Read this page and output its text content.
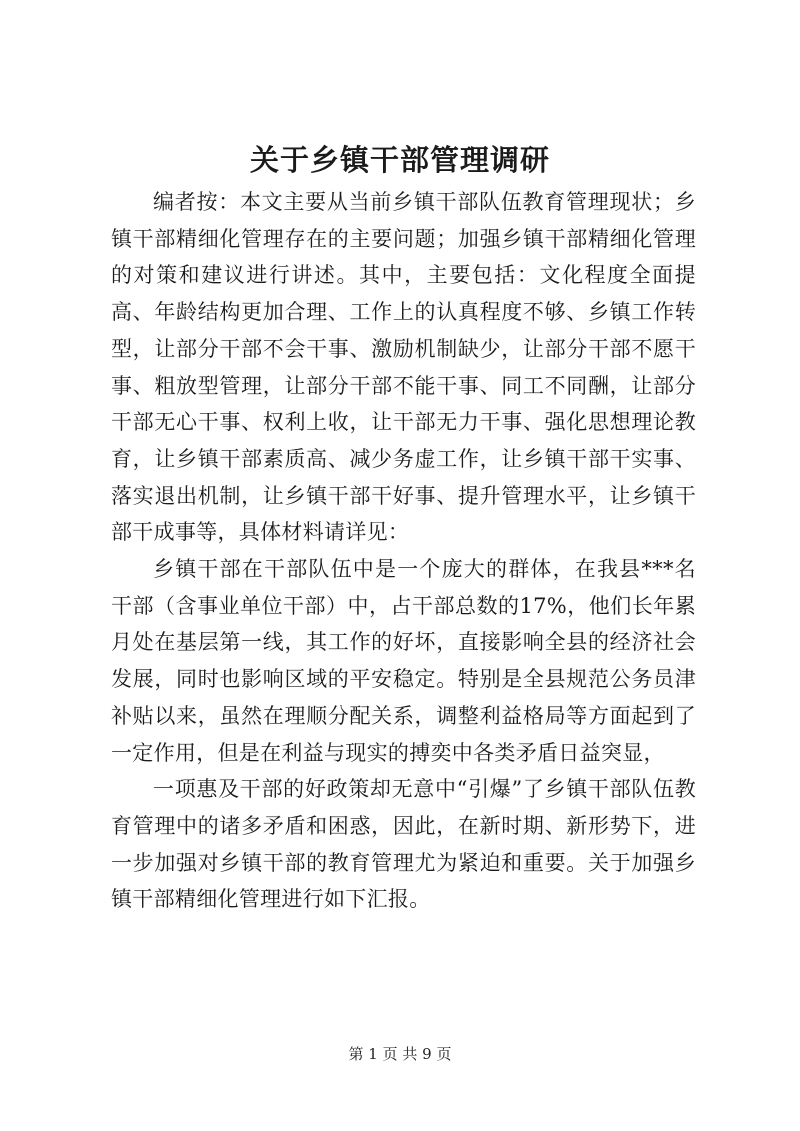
关于乡镇干部管理调研

编者按：本文主要从当前乡镇干部队伍教育管理现状；乡镇干部精细化管理存在的主要问题；加强乡镇干部精细化管理的对策和建议进行讲述。其中，主要包括：文化程度全面提高、年龄结构更加合理、工作上的认真程度不够、乡镇工作转型，让部分干部不会干事、激励机制缺少，让部分干部不愿干事、粗放型管理，让部分干部不能干事、同工不同酬，让部分干部无心干事、权利上收，让干部无力干事、强化思想理论教育，让乡镇干部素质高、减少务虚工作，让乡镇干部干实事、落实退出机制，让乡镇干部干好事、提升管理水平，让乡镇干部干成事等，具体材料请详见：

乡镇干部在干部队伍中是一个庞大的群体，在我县***名干部（含事业单位干部）中，占干部总数的17%，他们长年累月处在基层第一线，其工作的好坏，直接影响全县的经济社会发展，同时也影响区域的平安稳定。特别是全县规范公务员津补贴以来，虽然在理顺分配关系，调整利益格局等方面起到了一定作用，但是在利益与现实的搏奕中各类矛盾日益突显，

一项惠及干部的好政策却无意中“引爆”了乡镇干部队伍教育管理中的诸多矛盾和困惑，因此，在新时期、新形势下，进一步加强对乡镇干部的教育管理尤为紧迫和重要。关于加强乡镇干部精细化管理进行如下汇报。

第 1 页 共 9 页
